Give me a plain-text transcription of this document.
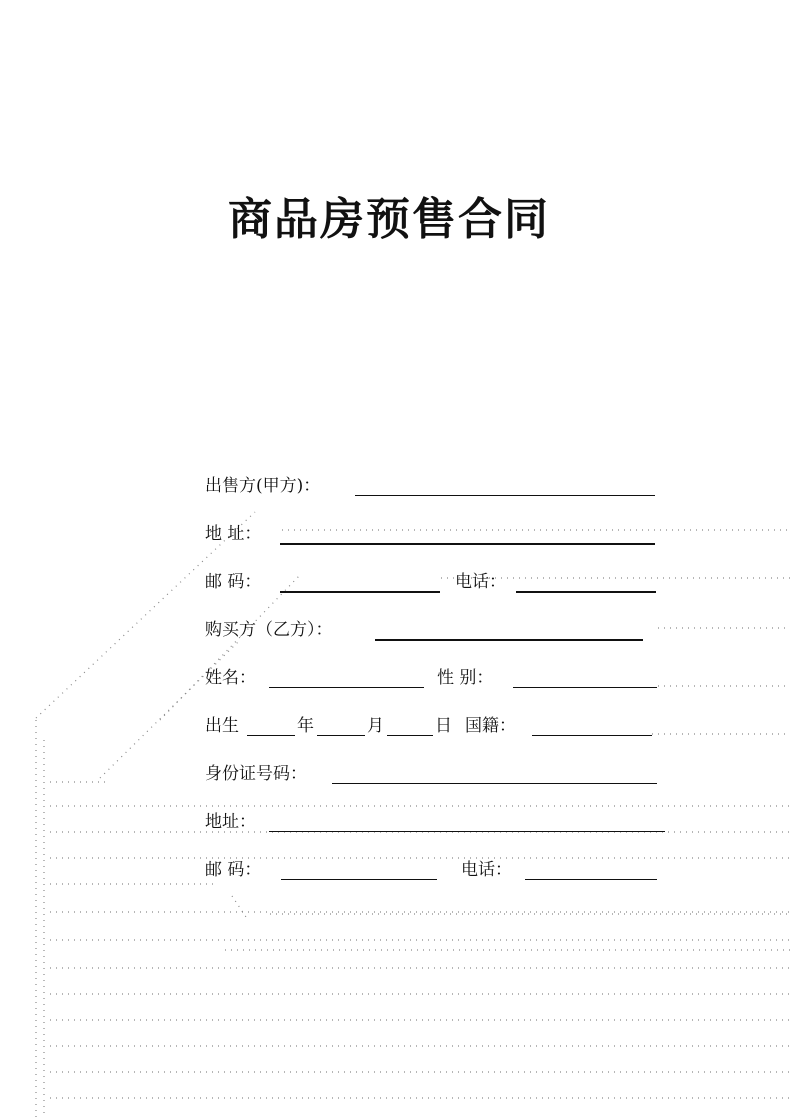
商品房预售合同
出售方(甲方)：
地 址：
邮 码：	电话：
购买方（乙方）：
姓名：	性 别：
出生	年	月	日 国籍：
身份证号码：
地址：
邮 码：	电话：
